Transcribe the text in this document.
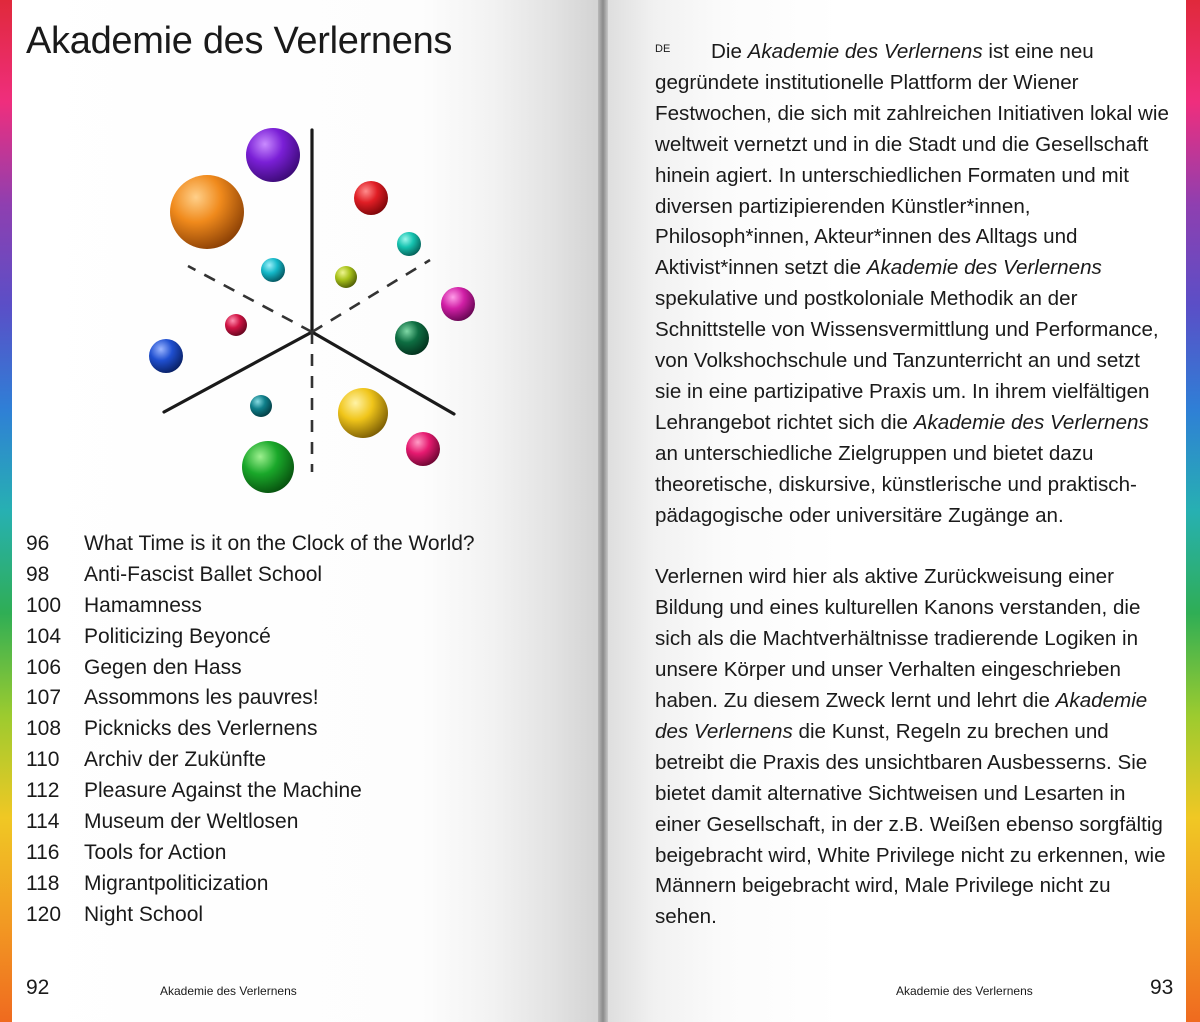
Akademie des Verlernens
96	What Time is it on the Clock of the World?
98	Anti-Fascist Ballet School
100	Hamamness
104	Politicizing Beyoncé
106	Gegen den Hass
107	Assommons les pauvres!
108	Picknicks des Verlernens
110	Archiv der Zukünfte
112	Pleasure Against the Machine
114	Museum der Weltlosen
116	Tools for Action
118	Migrantpoliticization
120	Night School
92	Akademie des Verlernens

DE Die Akademie des Verlernens ist eine neu gegründete institutionelle Plattform der Wiener Festwochen, die sich mit zahlreichen Initiativen lokal wie weltweit vernetzt und in die Stadt und die Gesellschaft hinein agiert. In unterschiedlichen Formaten und mit diversen partizipierenden Künstler*innen, Philosoph*innen, Akteur*innen des Alltags und Aktivist*innen setzt die Akademie des Verlernens spekulative und postkoloniale Methodik an der Schnittstelle von Wissensvermittlung und Performance, von Volkshochschule und Tanzunterricht an und setzt sie in eine partizipative Praxis um. In ihrem vielfältigen Lehrangebot richtet sich die Akademie des Verlernens an unterschiedliche Zielgruppen und bietet dazu theoretische, diskursive, künstlerische und praktisch-pädagogische oder universitäre Zugänge an.

Verlernen wird hier als aktive Zurückweisung einer Bildung und eines kulturellen Kanons verstanden, die sich als die Machtverhältnisse tradierende Logiken in unsere Körper und unser Verhalten eingeschrieben haben. Zu diesem Zweck lernt und lehrt die Akademie des Verlernens die Kunst, Regeln zu brechen und betreibt die Praxis des unsichtbaren Ausbesserns. Sie bietet damit alternative Sichtweisen und Lesarten in einer Gesellschaft, in der z.B. Weißen ebenso sorgfältig beigebracht wird, White Privilege nicht zu erkennen, wie Männern beigebracht wird, Male Privilege nicht zu sehen.

Akademie des Verlernens	93
